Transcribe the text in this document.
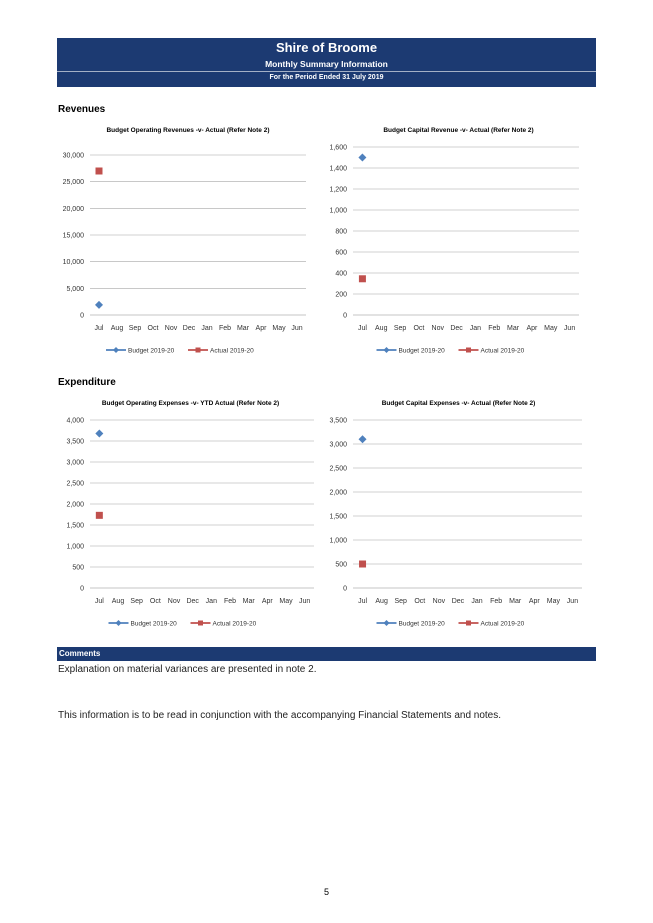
Shire of Broome
Monthly Summary Information
For the Period Ended 31 July 2019
Revenues
Budget Operating Revenues -v- Actual (Refer Note 2)
0
5,000
10,000
15,000
20,000
25,000
30,000
Jul Aug Sep Oct Nov Dec Jan Feb Mar Apr May Jun
Budget 2019-20	Actual 2019-20
Budget Capital Revenue -v- Actual (Refer Note 2)
0
200
400
600
800
1,000
1,200
1,400
1,600
Jul Aug Sep Oct Nov Dec Jan Feb Mar Apr May Jun
Budget 2019-20	Actual 2019-20
Expenditure
Budget Operating Expenses -v- YTD Actual (Refer Note 2)
0
500
1,000
1,500
2,000
2,500
3,000
3,500
4,000
Jul Aug Sep Oct Nov Dec Jan Feb Mar Apr May Jun
Budget 2019-20	Actual 2019-20
Budget Capital Expenses -v- Actual (Refer Note 2)
0
500
1,000
1,500
2,000
2,500
3,000
3,500
Jul Aug Sep Oct Nov Dec Jan Feb Mar Apr May Jun
Budget 2019-20	Actual 2019-20
Comments
Explanation on material variances are presented in note 2.
This information is to be read in conjunction with the accompanying Financial Statements and notes.
5
